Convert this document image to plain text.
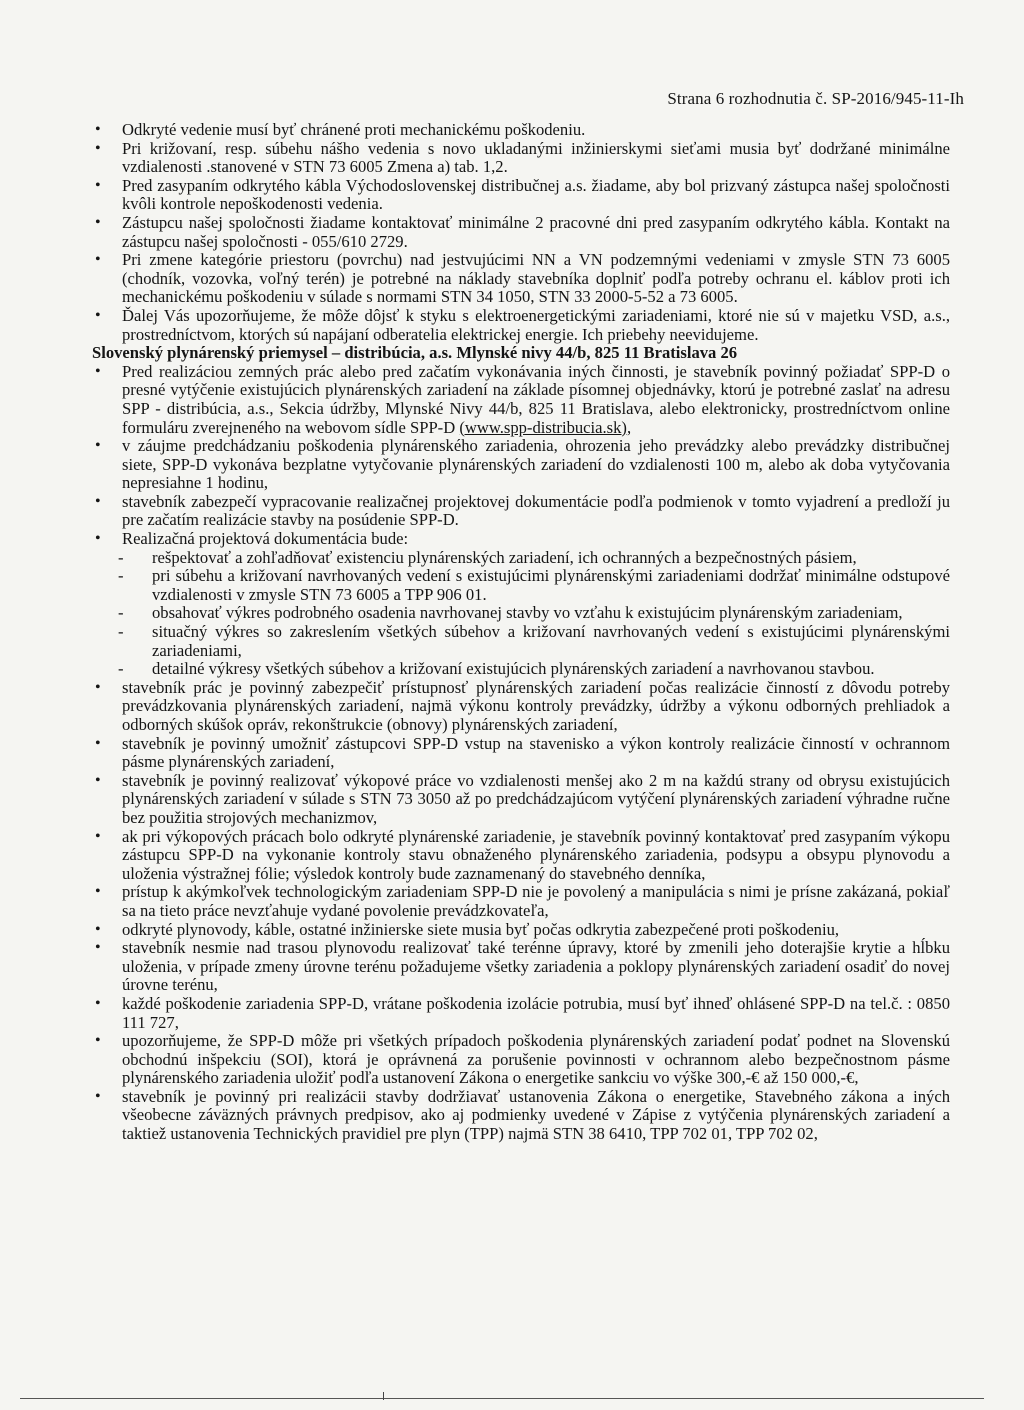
Strana 6 rozhodnutia č. SP-2016/945-11-Ih
• Odkryté vedenie musí byť chránené proti mechanickému poškodeniu.
• Pri križovaní, resp. súbehu nášho vedenia s novo ukladanými inžinierskymi sieťami musia byť dodržané minimálne vzdialenosti .stanovené v STN 73 6005 Zmena a) tab. 1,2.
• Pred zasypaním odkrytého kábla Východoslovenskej distribučnej a.s. žiadame, aby bol prizvaný zástupca našej spoločnosti kvôli kontrole nepoškodenosti vedenia.
• Zástupcu našej spoločnosti žiadame kontaktovať minimálne 2 pracovné dni pred zasypaním odkrytého kábla. Kontakt na zástupcu našej spoločnosti - 055/610 2729.
• Pri zmene kategórie priestoru (povrchu) nad jestvujúcimi NN a VN podzemnými vedeniami v zmysle STN 73 6005 (chodník, vozovka, voľný terén) je potrebné na náklady stavebníka doplniť podľa potreby ochranu el. káblov proti ich mechanickému poškodeniu v súlade s normami STN 34 1050, STN 33 2000-5-52 a 73 6005.
• Ďalej Vás upozorňujeme, že môže dôjsť k styku s elektroenergetickými zariadeniami, ktoré nie sú v majetku VSD, a.s., prostredníctvom, ktorých sú napájaní odberatelia elektrickej energie. Ich priebehy neevidujeme.

Slovenský plynárenský priemysel – distribúcia, a.s. Mlynské nivy 44/b, 825 11 Bratislava 26

• Pred realizáciou zemných prác alebo pred začatím vykonávania iných činnosti, je stavebník povinný požiadať SPP-D o presné vytýčenie existujúcich plynárenských zariadení na základe písomnej objednávky, ktorú je potrebné zaslať na adresu SPP - distribúcia, a.s., Sekcia údržby, Mlynské Nivy 44/b, 825 11 Bratislava, alebo elektronicky, prostredníctvom online formuláru zverejneného na webovom sídle SPP-D (www.spp-distribucia.sk),
• v záujme predchádzaniu poškodenia plynárenského zariadenia, ohrozenia jeho prevádzky alebo prevádzky distribučnej siete, SPP-D vykonáva bezplatne vytyčovanie plynárenských zariadení do vzdialenosti 100 m, alebo ak doba vytyčovania nepresiahne 1 hodinu,
• stavebník zabezpečí vypracovanie realizačnej projektovej dokumentácie podľa podmienok v tomto vyjadrení a predloží ju pre začatím realizácie stavby na posúdenie SPP-D.
• Realizačná projektová dokumentácia bude:
- rešpektovať a zohľadňovať existenciu plynárenských zariadení, ich ochranných a bezpečnostných pásiem,
- pri súbehu a križovaní navrhovaných vedení s existujúcimi plynárenskými zariadeniami dodržať minimálne odstupové vzdialenosti v zmysle STN 73 6005 a TPP 906 01.
- obsahovať výkres podrobného osadenia navrhovanej stavby vo vzťahu k existujúcim plynárenským zariadeniam,
- situačný výkres so zakreslením všetkých súbehov a križovaní navrhovaných vedení s existujúcimi plynárenskými zariadeniami,
- detailné výkresy všetkých súbehov a križovaní existujúcich plynárenských zariadení a navrhovanou stavbou.
• stavebník prác je povinný zabezpečiť prístupnosť plynárenských zariadení počas realizácie činností z dôvodu potreby prevádzkovania plynárenských zariadení, najmä výkonu kontroly prevádzky, údržby a výkonu odborných prehliadok a odborných skúšok opráv, rekonštrukcie (obnovy) plynárenských zariadení,
• stavebník je povinný umožniť zástupcovi SPP-D vstup na stavenisko a výkon kontroly realizácie činností v ochrannom pásme plynárenských zariadení,
• stavebník je povinný realizovať výkopové práce vo vzdialenosti menšej ako 2 m na každú strany od obrysu existujúcich plynárenských zariadení v súlade s STN 73 3050 až po predchádzajúcom vytýčení plynárenských zariadení výhradne ručne bez použitia strojových mechanizmov,
• ak pri výkopových prácach bolo odkryté plynárenské zariadenie, je stavebník povinný kontaktovať pred zasypaním výkopu zástupcu SPP-D na vykonanie kontroly stavu obnaženého plynárenského zariadenia, podsypu a obsypu plynovodu a uloženia výstražnej fólie; výsledok kontroly bude zaznamenaný do stavebného denníka,
• prístup k akýmkoľvek technologickým zariadeniam SPP-D nie je povolený a manipulácia s nimi je prísne zakázaná, pokiaľ sa na tieto práce nevzťahuje vydané povolenie prevádzkovateľa,
• odkryté plynovody, káble, ostatné inžinierske siete musia byť počas odkrytia zabezpečené proti poškodeniu,
• stavebník nesmie nad trasou plynovodu realizovať také terénne úpravy, ktoré by zmenili jeho doterajšie krytie a hĺbku uloženia, v prípade zmeny úrovne terénu požadujeme všetky zariadenia a poklopy plynárenských zariadení osadiť do novej úrovne terénu,
• každé poškodenie zariadenia SPP-D, vrátane poškodenia izolácie potrubia, musí byť ihneď ohlásené SPP-D na tel.č. : 0850 111 727,
• upozorňujeme, že SPP-D môže pri všetkých prípadoch poškodenia plynárenských zariadení podať podnet na Slovenskú obchodnú inšpekciu (SOI), ktorá je oprávnená za porušenie povinnosti v ochrannom alebo bezpečnostnom pásme plynárenského zariadenia uložiť podľa ustanovení Zákona o energetike sankciu vo výške 300,-€ až 150 000,-€,
• stavebník je povinný pri realizácii stavby dodržiavať ustanovenia Zákona o energetike, Stavebného zákona a iných všeobecne záväzných právnych predpisov, ako aj podmienky uvedené v Zápise z vytýčenia plynárenských zariadení a taktiež ustanovenia Technických pravidiel pre plyn (TPP) najmä STN 38 6410, TPP 702 01, TPP 702 02,
